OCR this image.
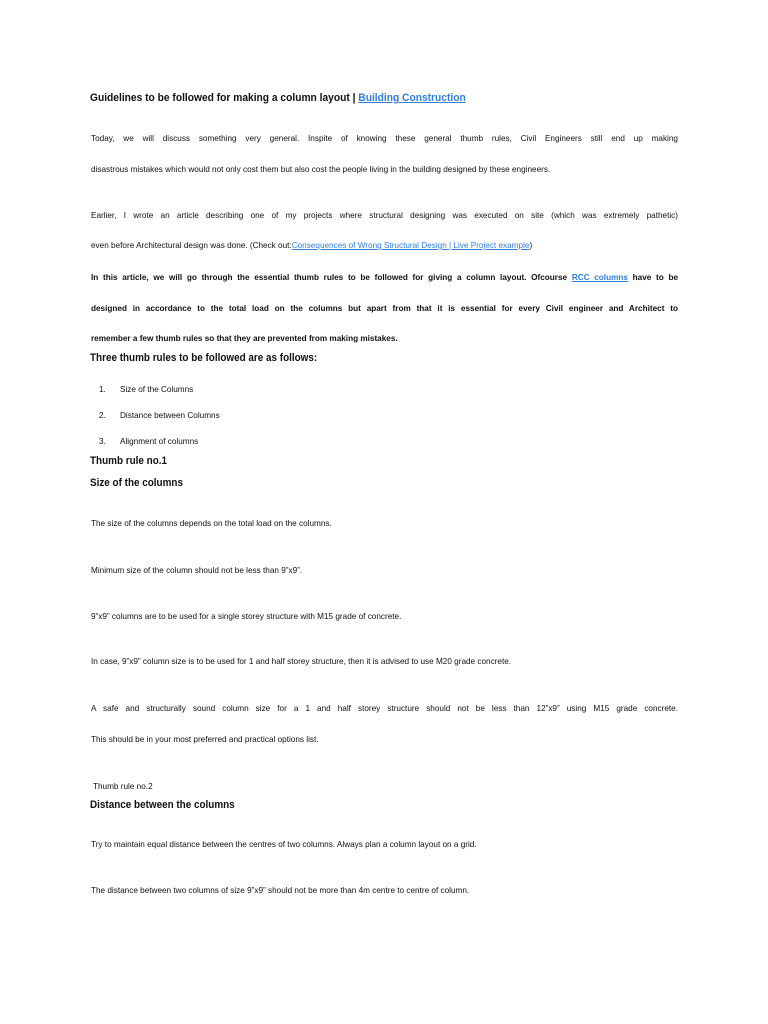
Guidelines to be followed for making a column layout | Building Construction
Today, we will discuss something very general. Inspite of knowing these general thumb rules, Civil Engineers still end up making
disastrous mistakes which would not only cost them but also cost the people living in the building designed by these engineers.
Earlier, I wrote an article describing one of my projects where structural designing was executed on site (which was extremely pathetic)
even before Architectural design was done. (Check out:Consequences of Wrong Structural Design | Live Project example)
In this article, we will go through the essential thumb rules to be followed for giving a column layout. Ofcourse RCC columns have to be
designed in accordance to the total load on the columns but apart from that it is essential for every Civil engineer and Architect to
remember a few thumb rules so that they are prevented from making mistakes.
Three thumb rules to be followed are as follows:
1. Size of the Columns
2. Distance between Columns
3. Alignment of columns
Thumb rule no.1
Size of the columns
The size of the columns depends on the total load on the columns.
Minimum size of the column should not be less than 9”x9”.
9”x9” columns are to be used for a single storey structure with M15 grade of concrete.
In case, 9”x9” column size is to be used for 1 and half storey structure, then it is advised to use M20 grade concrete.
A safe and structurally sound column size for a 1 and half storey structure should not be less than 12”x9” using M15 grade concrete.
This should be in your most preferred and practical options list.
Thumb rule no.2
Distance between the columns
Try to maintain equal distance between the centres of two columns. Always plan a column layout on a grid.
The distance between two columns of size 9”x9” should not be more than 4m centre to centre of column.
